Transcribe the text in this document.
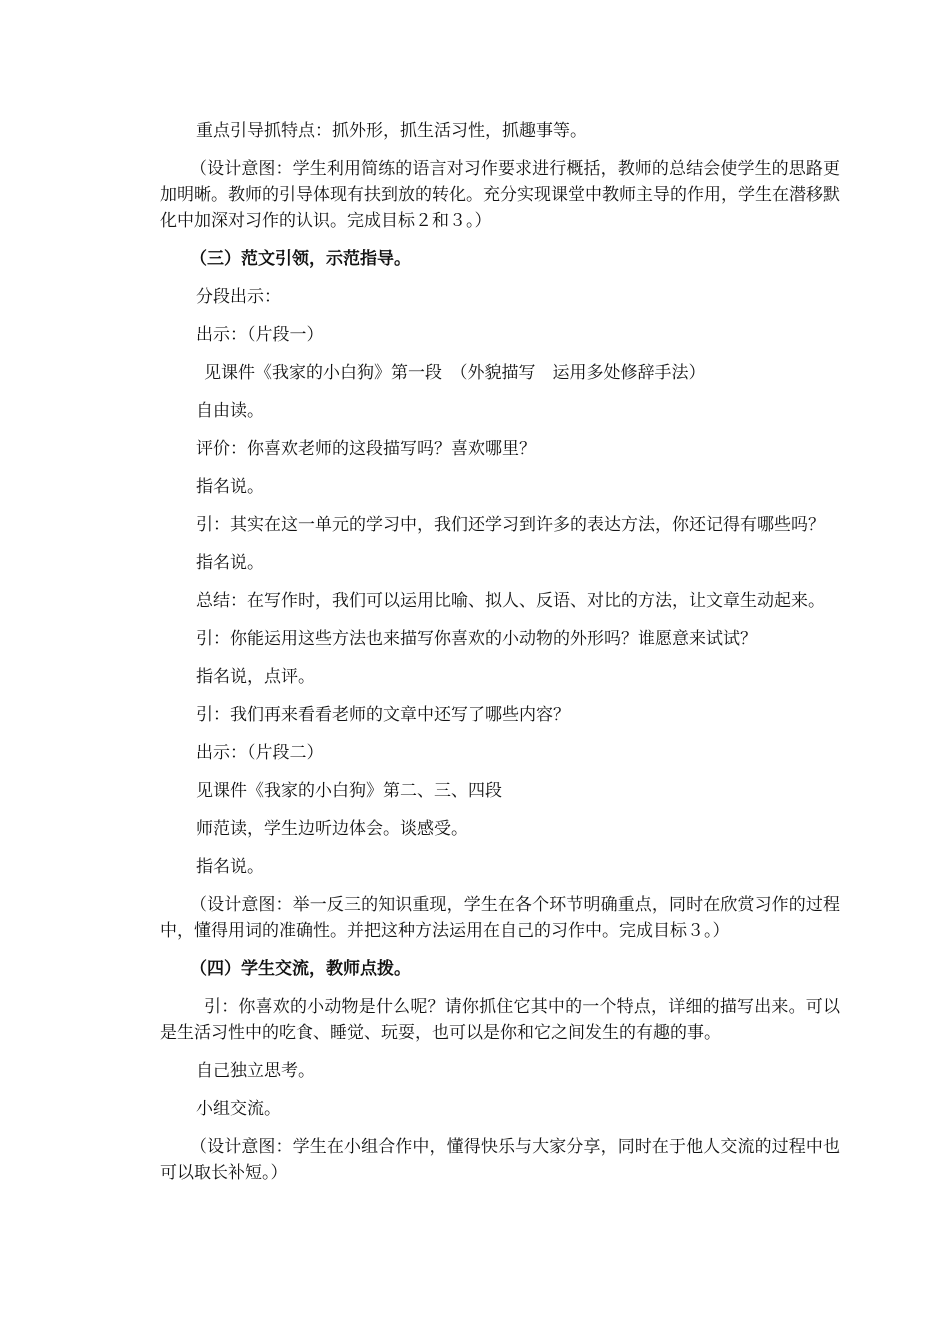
重点引导抓特点：抓外形，抓生活习性，抓趣事等。

（设计意图：学生利用简练的语言对习作要求进行概括，教师的总结会使学生的思路更加明晰。教师的引导体现有扶到放的转化。充分实现课堂中教师主导的作用，学生在潜移默化中加深对习作的认识。完成目标２和３。）

（三）范文引领，示范指导。

分段出示：

出示：（片段一）

见课件《我家的小白狗》第一段　（外貌描写　运用多处修辞手法）

自由读。

评价：你喜欢老师的这段描写吗？喜欢哪里？

指名说。

引：其实在这一单元的学习中，我们还学习到许多的表达方法，你还记得有哪些吗？

指名说。

总结：在写作时，我们可以运用比喻、拟人、反语、对比的方法，让文章生动起来。

引：你能运用这些方法也来描写你喜欢的小动物的外形吗？谁愿意来试试？

指名说，点评。

引：我们再来看看老师的文章中还写了哪些内容？

出示：（片段二）

见课件《我家的小白狗》第二、三、四段

师范读，学生边听边体会。谈感受。

指名说。

（设计意图：举一反三的知识重现，学生在各个环节明确重点，同时在欣赏习作的过程中，懂得用词的准确性。并把这种方法运用在自己的习作中。完成目标３。）

（四）学生交流，教师点拨。

引：你喜欢的小动物是什么呢？请你抓住它其中的一个特点，详细的描写出来。可以是生活习性中的吃食、睡觉、玩耍，也可以是你和它之间发生的有趣的事。

自己独立思考。

小组交流。

（设计意图：学生在小组合作中，懂得快乐与大家分享，同时在于他人交流的过程中也可以取长补短。）
